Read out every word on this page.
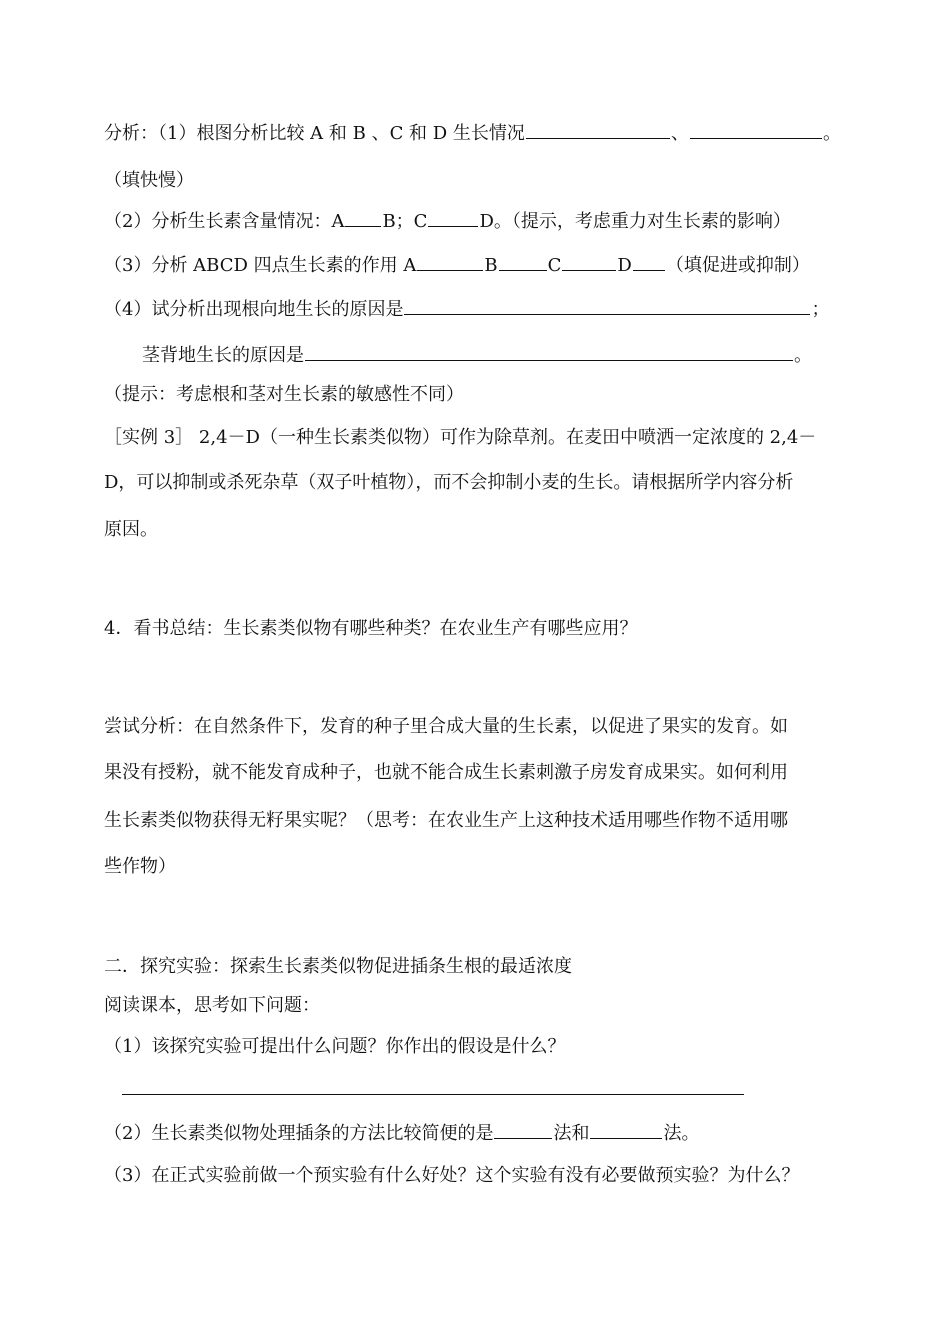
分析：（1）根图分析比较 A 和 B 、C 和 D 生长情况	、	。
（填快慢）
（2）分析生长素含量情况：A B；C	D。（提示，考虑重力对生长素的影响）
（3）分析 ABCD 四点生长素的作用 A	B	C	D （填促进或抑制）
（4）试分析出现根向地生长的原因是	；
茎背地生长的原因是	。
（提示：考虑根和茎对生长素的敏感性不同）
［实例 3］ 2,4－D（一种生长素类似物）可作为除草剂。在麦田中喷洒一定浓度的 2,4－
D，可以抑制或杀死杂草（双子叶植物），而不会抑制小麦的生长。请根据所学内容分析
原因。
4．看书总结：生长素类似物有哪些种类？在农业生产有哪些应用？
尝试分析：在自然条件下，发育的种子里合成大量的生长素，以促进了果实的发育。如
果没有授粉，就不能发育成种子，也就不能合成生长素刺激子房发育成果实。如何利用
生长素类似物获得无籽果实呢？（思考：在农业生产上这种技术适用哪些作物不适用哪
些作物）
二．探究实验：探索生长素类似物促进插条生根的最适浓度
阅读课本，思考如下问题：
（1）该探究实验可提出什么问题？你作出的假设是什么？
（2）生长素类似物处理插条的方法比较简便的是	法和	法。
（3）在正式实验前做一个预实验有什么好处？这个实验有没有必要做预实验？为什么？
